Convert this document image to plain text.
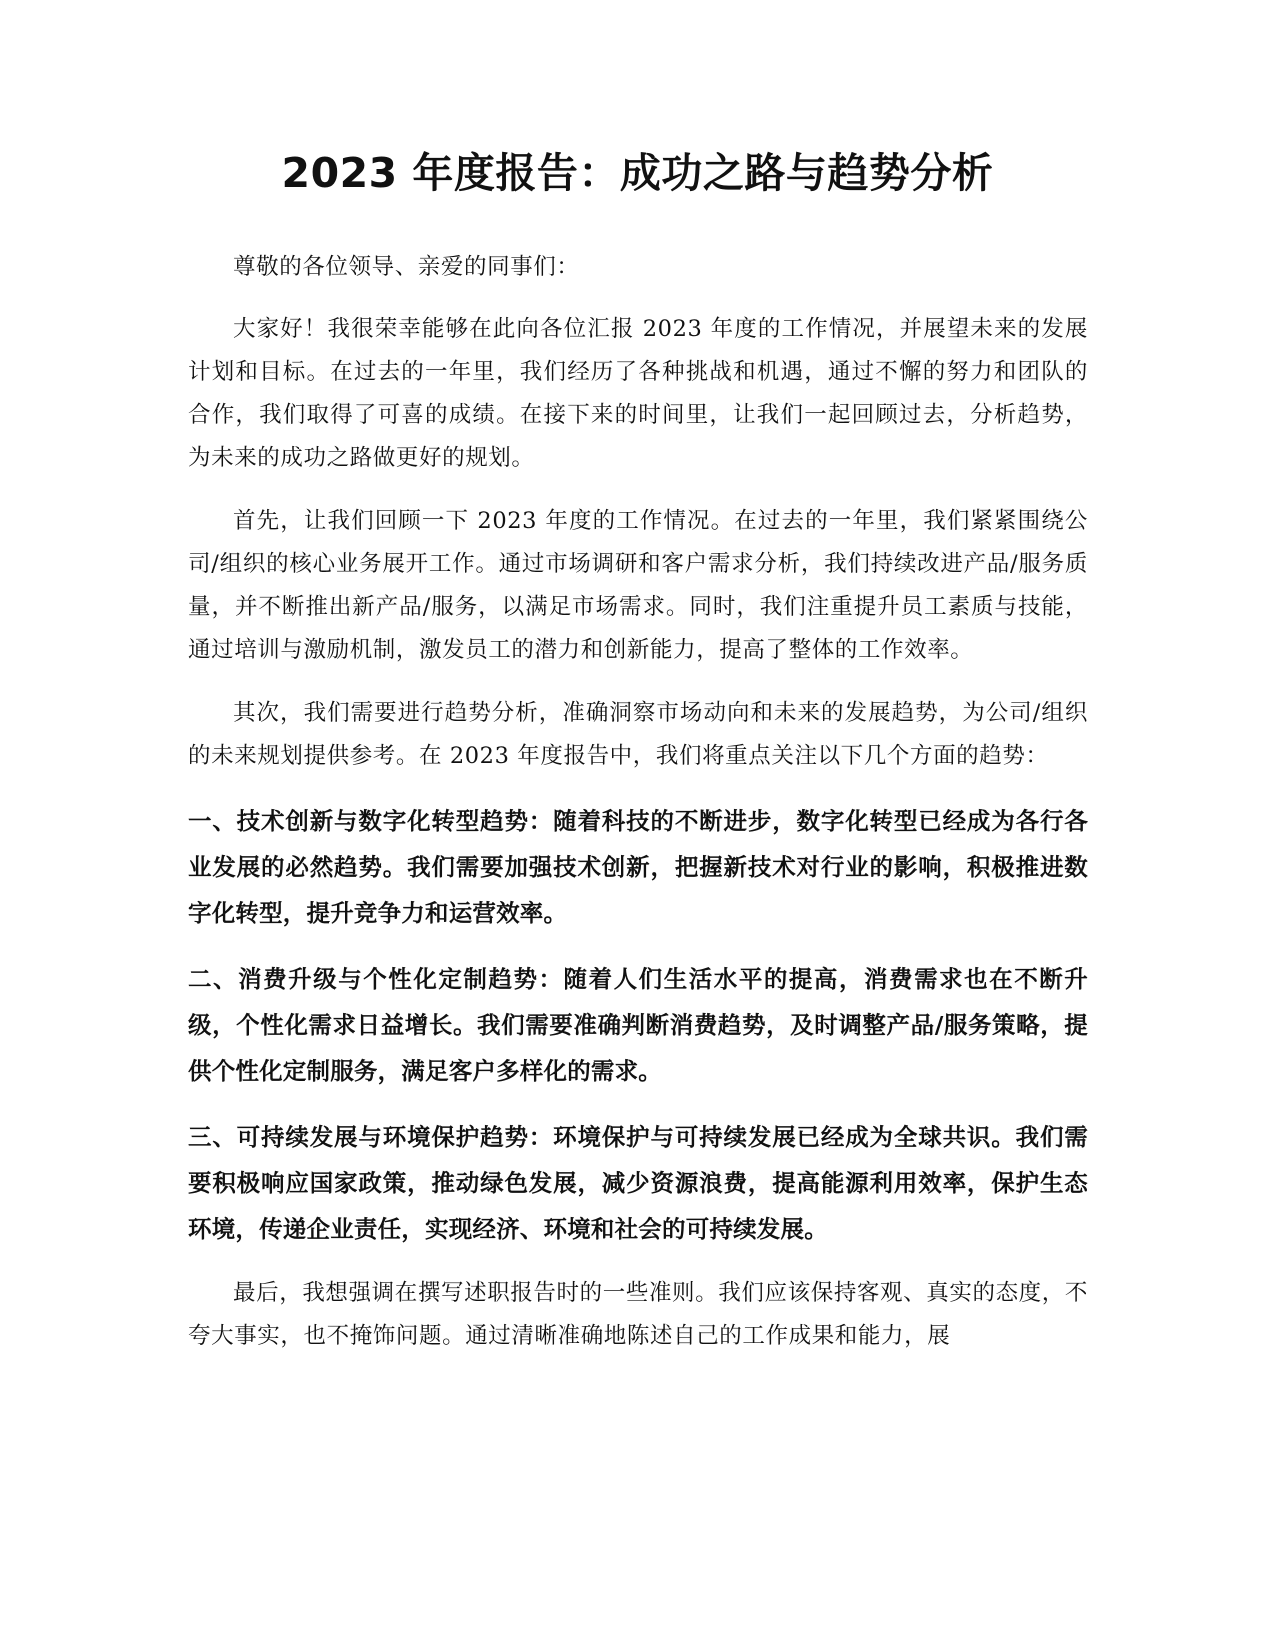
2023 年度报告：成功之路与趋势分析

尊敬的各位领导、亲爱的同事们：

大家好！我很荣幸能够在此向各位汇报 2023 年度的工作情况，并展望未来的发展计划和目标。在过去的一年里，我们经历了各种挑战和机遇，通过不懈的努力和团队的合作，我们取得了可喜的成绩。在接下来的时间里，让我们一起回顾过去，分析趋势，为未来的成功之路做更好的规划。

首先，让我们回顾一下 2023 年度的工作情况。在过去的一年里，我们紧紧围绕公司/组织的核心业务展开工作。通过市场调研和客户需求分析，我们持续改进产品/服务质量，并不断推出新产品/服务，以满足市场需求。同时，我们注重提升员工素质与技能，通过培训与激励机制，激发员工的潜力和创新能力，提高了整体的工作效率。

其次，我们需要进行趋势分析，准确洞察市场动向和未来的发展趋势，为公司/组织的未来规划提供参考。在 2023 年度报告中，我们将重点关注以下几个方面的趋势：

一、技术创新与数字化转型趋势：随着科技的不断进步，数字化转型已经成为各行各业发展的必然趋势。我们需要加强技术创新，把握新技术对行业的影响，积极推进数字化转型，提升竞争力和运营效率。

二、消费升级与个性化定制趋势：随着人们生活水平的提高，消费需求也在不断升级，个性化需求日益增长。我们需要准确判断消费趋势，及时调整产品/服务策略，提供个性化定制服务，满足客户多样化的需求。

三、可持续发展与环境保护趋势：环境保护与可持续发展已经成为全球共识。我们需要积极响应国家政策，推动绿色发展，减少资源浪费，提高能源利用效率，保护生态环境，传递企业责任，实现经济、环境和社会的可持续发展。

最后，我想强调在撰写述职报告时的一些准则。我们应该保持客观、真实的态度，不夸大事实，也不掩饰问题。通过清晰准确地陈述自己的工作成果和能力，展
